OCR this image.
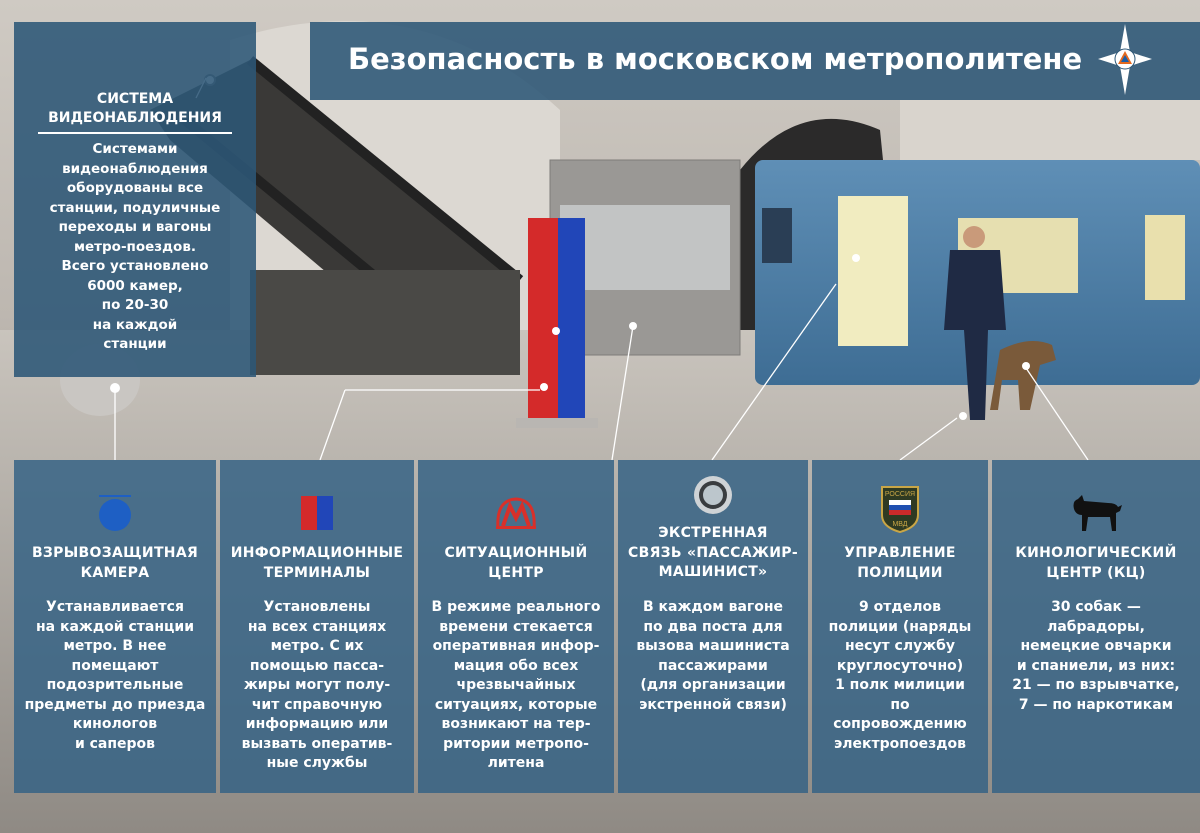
Безопасность в московском метрополитене
СИСТЕМА
ВИДЕОНАБЛЮДЕНИЯ
Системами
видеонаблюдения
оборудованы все
станции, подуличные
переходы и вагоны
метро-поездов.
Всего установлено
6000 камер,
по 20-30
на каждой
станции
ВЗРЫВОЗАЩИТНАЯ
КАМЕРА
Устанавливается
на каждой станции
метро. В нее
помещают
подозрительные
предметы до приезда
кинологов
и саперов
ИНФОРМАЦИОННЫЕ
ТЕРМИНАЛЫ
Установлены
на всех станциях
метро. С их
помощью пасса-
жиры могут полу-
чит справочную
информацию или
вызвать оператив-
ные службы
СИТУАЦИОННЫЙ
ЦЕНТР
В режиме реального
времени стекается
оперативная инфор-
мация обо всех
чрезвычайных
ситуациях, которые
возникают на тер-
ритории метропо-
литена
ЭКСТРЕННАЯ
СВЯЗЬ «ПАССАЖИР-
МАШИНИСТ»
В каждом вагоне
по два поста для
вызова машиниста
пассажирами
(для организации
экстренной связи)
РОССИЯ
МВД
УПРАВЛЕНИЕ
ПОЛИЦИИ
9 отделов
полиции (наряды
несут службу
круглосуточно)
1 полк милиции
по сопровождению
электропоездов
КИНОЛОГИЧЕСКИЙ
ЦЕНТР (КЦ)
30 собак —
лабрадоры,
немецкие овчарки
и спаниели, из них:
21 — по взрывчатке,
7 — по наркотикам
